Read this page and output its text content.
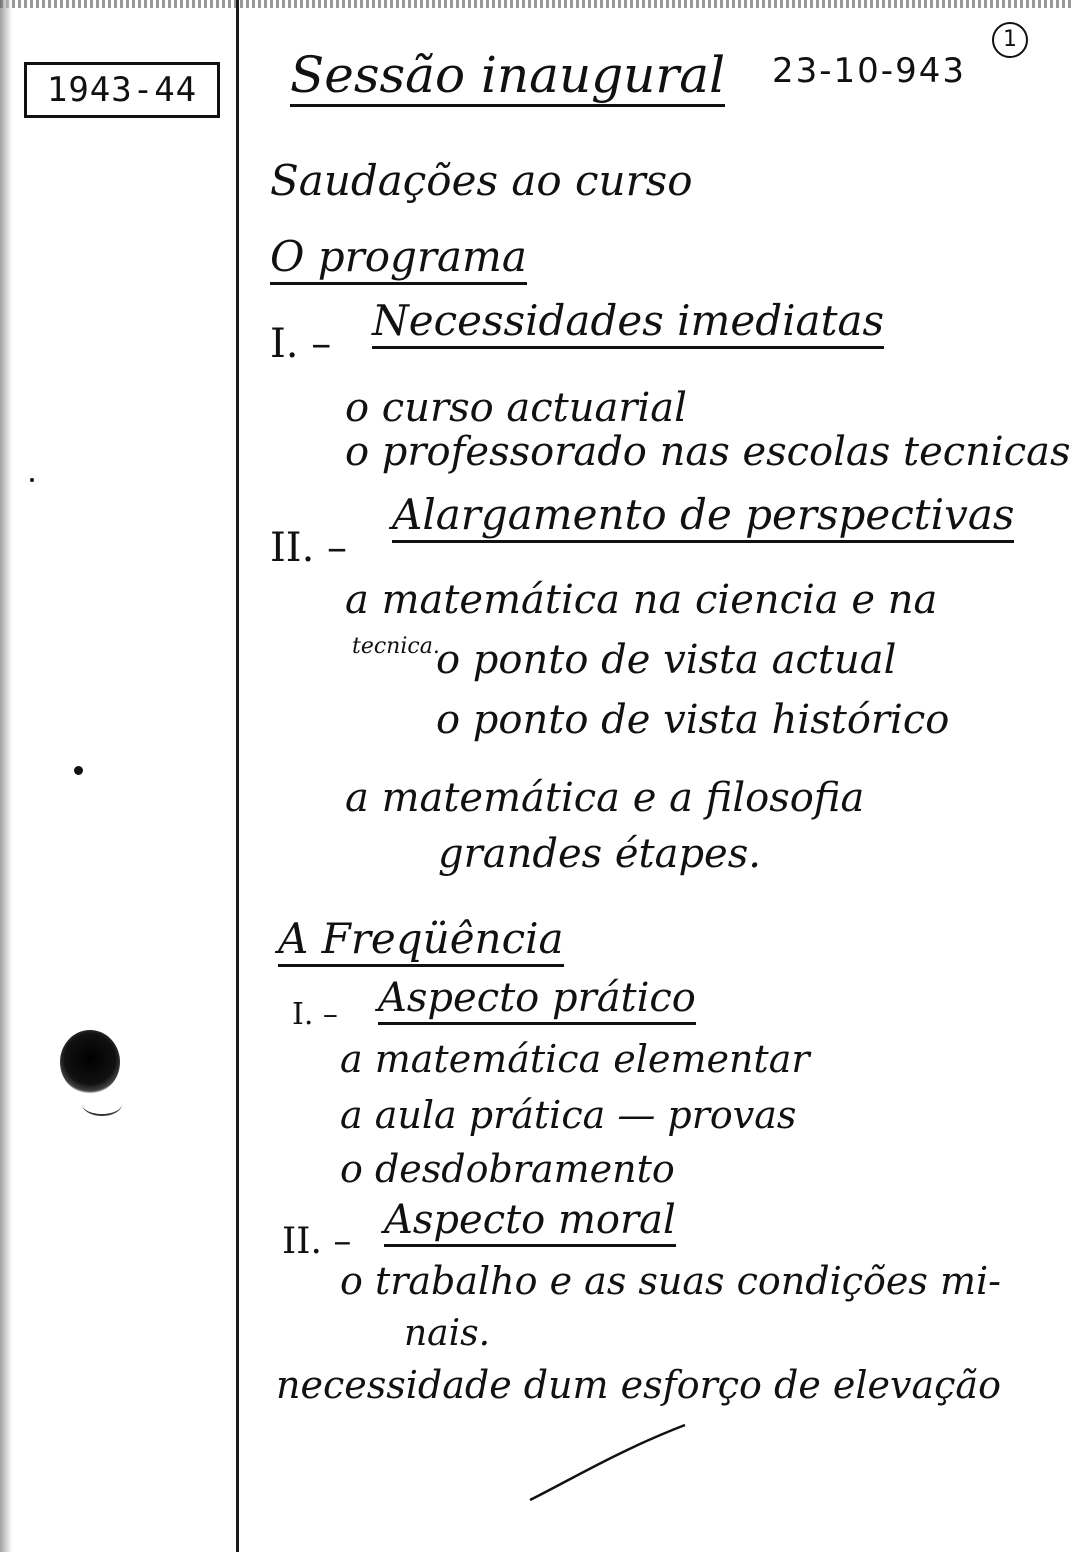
1943-44	Sessão inaugural 23-10-943
1
Saudações ao curso
O programa
I. – Necessidades imediatas
o curso actuarial
o professorado nas escolas tecnicas
II. –
Alargamento de perspectivas
a matemática na ciencia e na
tecnica.
o ponto de vista actual
o ponto de vista histórico
a matemática e a filosofia
grandes étapes.
A Freqüência
I. – Aspecto prático
a matemática elementar
a aula prática — provas
o desdobramento
II. – Aspecto moral
o trabalho e as suas condições mi-
nais.
necessidade dum esforço de elevação
